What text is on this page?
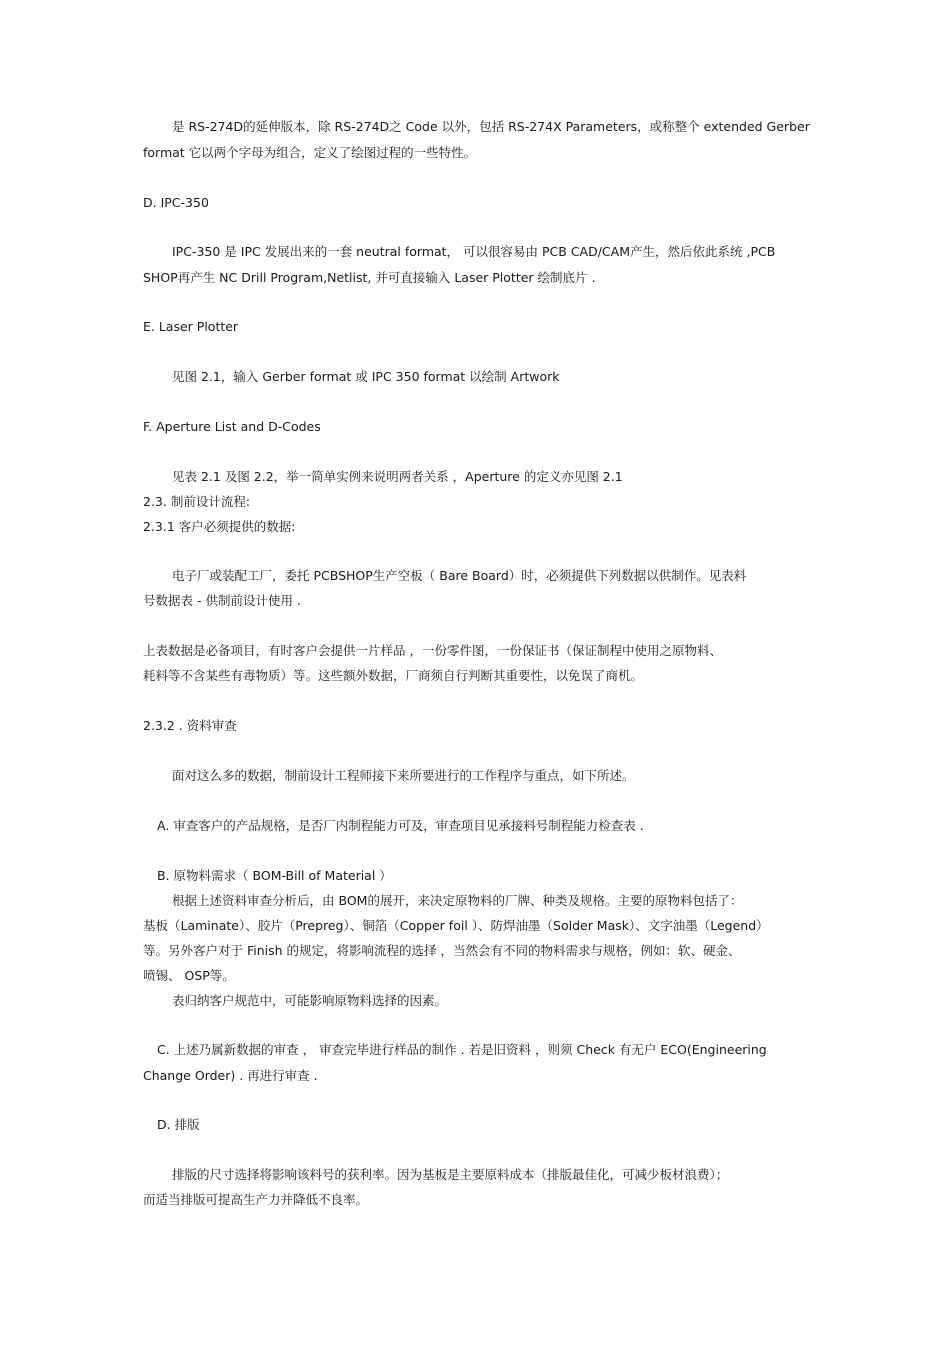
是 RS-274D的延伸版本，除 RS-274D之 Code 以外，包括 RS-274X Parameters，或称整个 extended Gerber
format 它以两个字母为组合，定义了绘图过程的一些特性。
D. IPC-350
IPC-350 是 IPC 发展出来的一套 neutral format， 可以很容易由 PCB CAD/CAM产生，然后依此系统 ,PCB
SHOP再产生 NC Drill Program,Netlist, 并可直接输入 Laser Plotter 绘制底片 .
E. Laser Plotter
见图 2.1，输入 Gerber format 或 IPC 350 format 以绘制 Artwork
F. Aperture List and D-Codes
见表 2.1 及图 2.2，举一简单实例来说明两者关系 ，Aperture 的定义亦见图 2.1
2.3. 制前设计流程:
2.3.1 客户必须提供的数据:
电子厂或装配工厂，委托 PCBSHOP生产空板（ Bare Board）时，必须提供下列数据以供制作。见表料
号数据表 - 供制前设计使用 .
上表数据是必备项目，有时客户会提供一片样品 ，一份零件图，一份保证书（保证制程中使用之原物料、
耗料等不含某些有毒物质）等。这些额外数据，厂商须自行判断其重要性，以免误了商机。
2.3.2 . 资料审查
面对这么多的数据，制前设计工程师接下来所要进行的工作程序与重点，如下所述。
A. 审查客户的产品规格，是否厂内制程能力可及，审查项目见承接料号制程能力检查表 .
B. 原物料需求（ BOM-Bill of Material ）
根据上述资料审查分析后，由 BOM的展开，来决定原物料的厂牌、种类及规格。主要的原物料包括了：
基板（Laminate）、胶片（Prepreg）、铜箔（Copper foil ）、防焊油墨（Solder Mask）、文字油墨（Legend）
等。另外客户对于 Finish 的规定，将影响流程的选择 ，当然会有不同的物料需求与规格，例如：软、硬金、
喷锡、 OSP等。
表归纳客户规范中，可能影响原物料选择的因素。
C. 上述乃属新数据的审查 ， 审查完毕进行样品的制作 . 若是旧资料 ，则须 Check 有无户 ECO(Engineering
Change Order) . 再进行审查 .
D. 排版
排版的尺寸选择将影响该料号的获利率。因为基板是主要原料成本（排版最佳化，可减少板材浪费）；
而适当排版可提高生产力并降低不良率。
